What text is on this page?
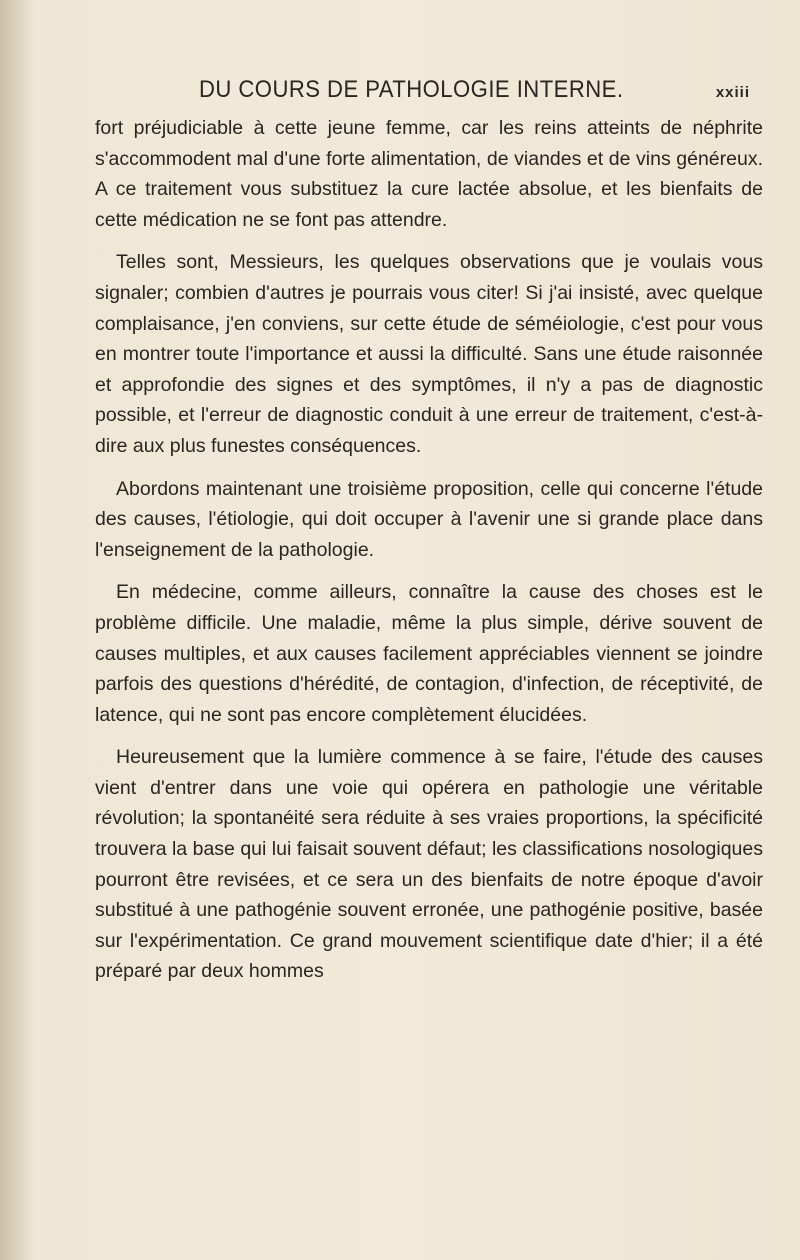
DU COURS DE PATHOLOGIE INTERNE.	xxiii

fort préjudiciable à cette jeune femme, car les reins atteints de néphrite s'accommodent mal d'une forte alimentation, de viandes et de vins généreux. A ce traitement vous substituez la cure lactée absolue, et les bienfaits de cette médication ne se font pas attendre.

Telles sont, Messieurs, les quelques observations que je voulais vous signaler; combien d'autres je pourrais vous citer! Si j'ai insisté, avec quelque complaisance, j'en conviens, sur cette étude de séméiologie, c'est pour vous en montrer toute l'importance et aussi la difficulté. Sans une étude raisonnée et approfondie des signes et des symptômes, il n'y a pas de diagnostic possible, et l'erreur de diagnostic conduit à une erreur de traitement, c'est-à-dire aux plus funestes conséquences.

Abordons maintenant une troisième proposition, celle qui concerne l'étude des causes, l'étiologie, qui doit occuper à l'avenir une si grande place dans l'enseignement de la pathologie.

En médecine, comme ailleurs, connaître la cause des choses est le problème difficile. Une maladie, même la plus simple, dérive souvent de causes multiples, et aux causes facilement appréciables viennent se joindre parfois des questions d'hérédité, de contagion, d'infection, de réceptivité, de latence, qui ne sont pas encore complètement élucidées.

Heureusement que la lumière commence à se faire, l'étude des causes vient d'entrer dans une voie qui opérera en pathologie une véritable révolution; la spontanéité sera réduite à ses vraies proportions, la spécificité trouvera la base qui lui faisait souvent défaut; les classifications nosologiques pourront être revisées, et ce sera un des bienfaits de notre époque d'avoir substitué à une pathogénie souvent erronée, une pathogénie positive, basée sur l'expérimentation. Ce grand mouvement scientifique date d'hier; il a été préparé par deux hommes
